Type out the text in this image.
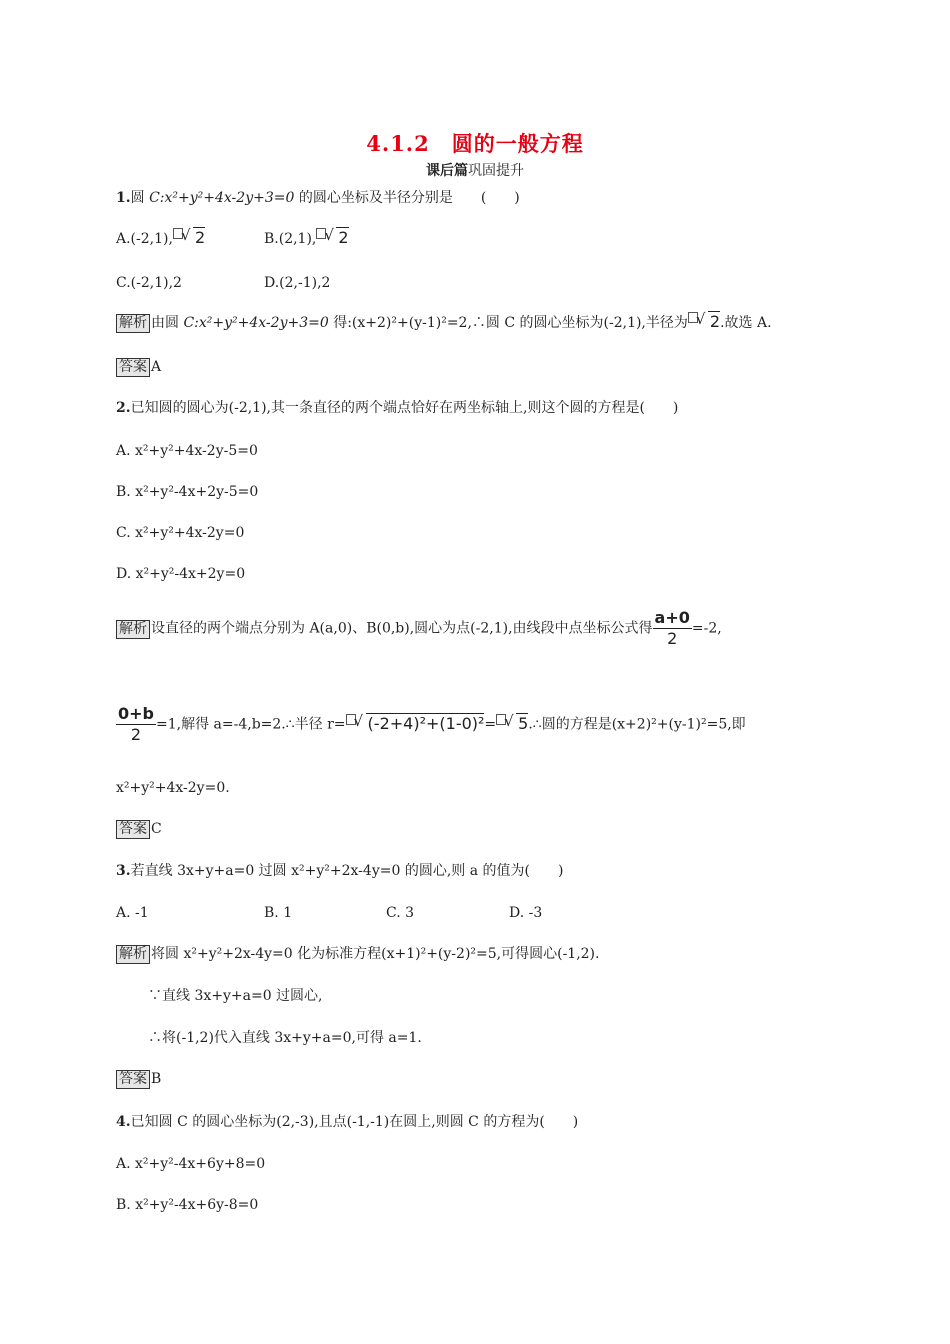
4.1.2　圆的一般方程
课后篇巩固提升
1.圆 C:x²+y²+4x-2y+3=0 的圆心坐标及半径分别是　　(　　)
A.(-2,1), √ 2	B.(2,1), √ 2
C.(-2,1),2	D.(2,-1),2
解析 由圆 C:x²+y²+4x-2y+3=0 得:(x+2)²+(y-1)²=2,∴圆 C 的圆心坐标为(-2,1),半径为 √ 2.故选 A.
答案 A
2.已知圆的圆心为(-2,1),其一条直径的两个端点恰好在两坐标轴上,则这个圆的方程是(　　)
A. x²+y²+4x-2y-5=0
B. x²+y²-4x+2y-5=0
C. x²+y²+4x-2y=0
D. x²+y²-4x+2y=0
解析 设直径的两个端点分别为 A(a,0)、B(0,b),圆心为点(-2,1),由线段中点坐标公式得 $\frac{a+0}{2} =-2$,
$\frac{0+b}{2} =1$,解得 a=-4,b=2.∴半径 r= √ (-2+4)²+(1-0)²= √ 5.∴圆的方程是(x+2)²+(y-1)²=5,即
x²+y²+4x-2y=0.
答案 C
3.若直线 3x+y+a=0 过圆 x²+y²+2x-4y=0 的圆心,则 a 的值为(　　)
A. -1	B. 1	C. 3	D. -3
解析 将圆 x²+y²+2x-4y=0 化为标准方程(x+1)²+(y-2)²=5,可得圆心(-1,2).
∵直线 3x+y+a=0 过圆心,
∴将(-1,2)代入直线 3x+y+a=0,可得 a=1.
答案 B
4.已知圆 C 的圆心坐标为(2,-3),且点(-1,-1)在圆上,则圆 C 的方程为(　　)
A. x²+y²-4x+6y+8=0
B. x²+y²-4x+6y-8=0
